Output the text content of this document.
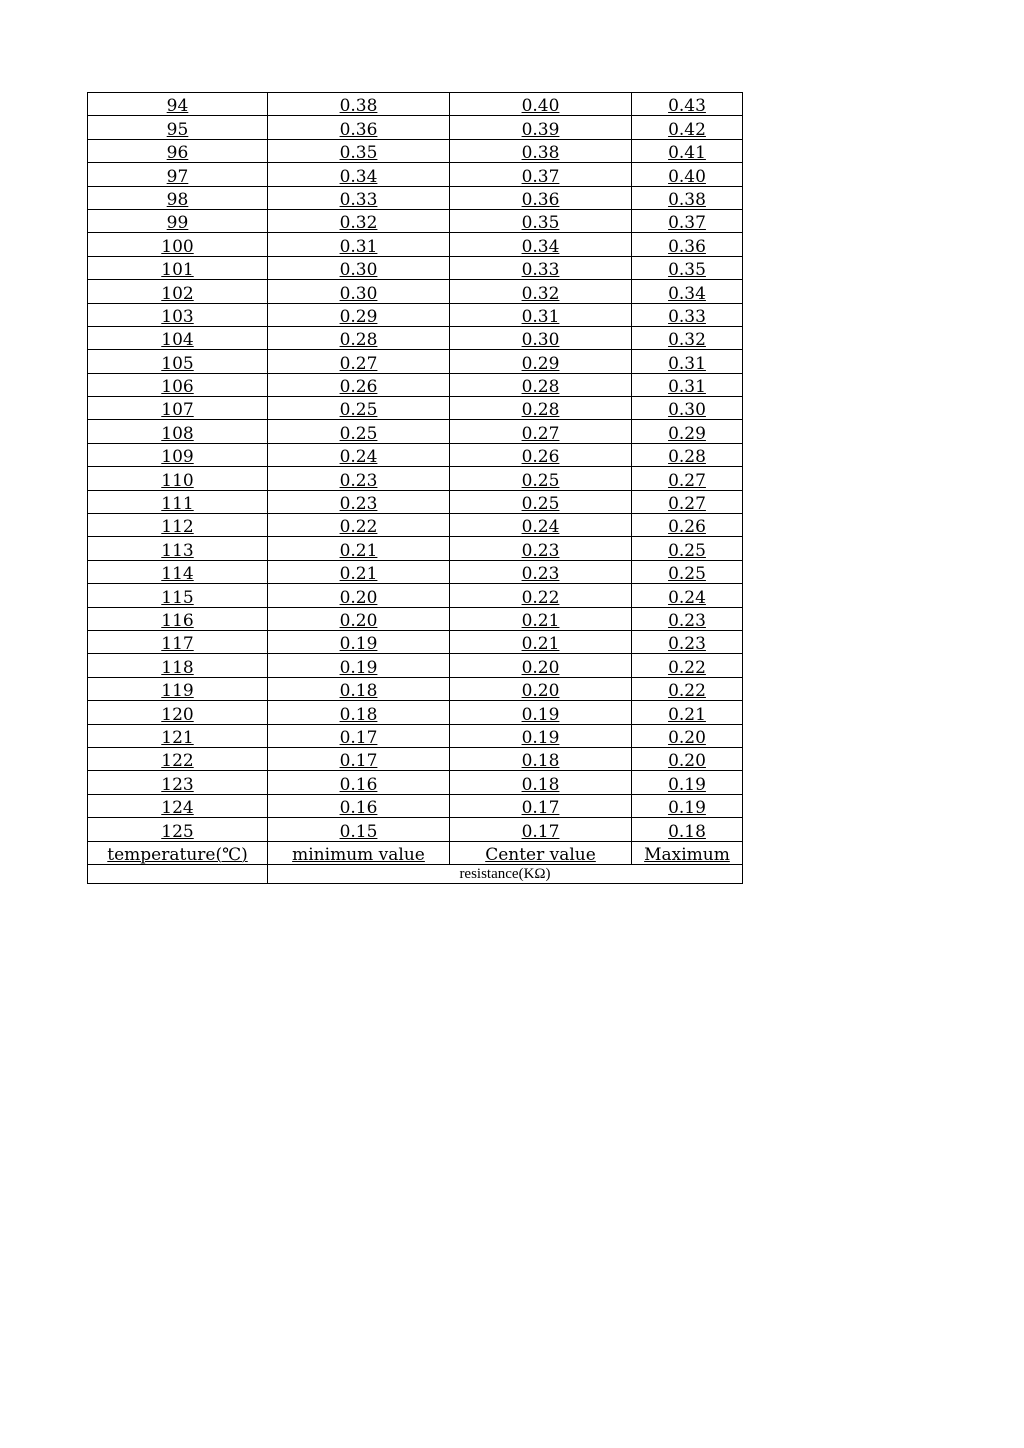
94	0.38	0.40	0.43
95	0.36	0.39	0.42
96	0.35	0.38	0.41
97	0.34	0.37	0.40
98	0.33	0.36	0.38
99	0.32	0.35	0.37
100	0.31	0.34	0.36
101	0.30	0.33	0.35
102	0.30	0.32	0.34
103	0.29	0.31	0.33
104	0.28	0.30	0.32
105	0.27	0.29	0.31
106	0.26	0.28	0.31
107	0.25	0.28	0.30
108	0.25	0.27	0.29
109	0.24	0.26	0.28
110	0.23	0.25	0.27
111	0.23	0.25	0.27
112	0.22	0.24	0.26
113	0.21	0.23	0.25
114	0.21	0.23	0.25
115	0.20	0.22	0.24
116	0.20	0.21	0.23
117	0.19	0.21	0.23
118	0.19	0.20	0.22
119	0.18	0.20	0.22
120	0.18	0.19	0.21
121	0.17	0.19	0.20
122	0.17	0.18	0.20
123	0.16	0.18	0.19
124	0.16	0.17	0.19
125	0.15	0.17	0.18
temperature(℃)	minimum value	Center value	Maximum
	resistance(KΩ)		
